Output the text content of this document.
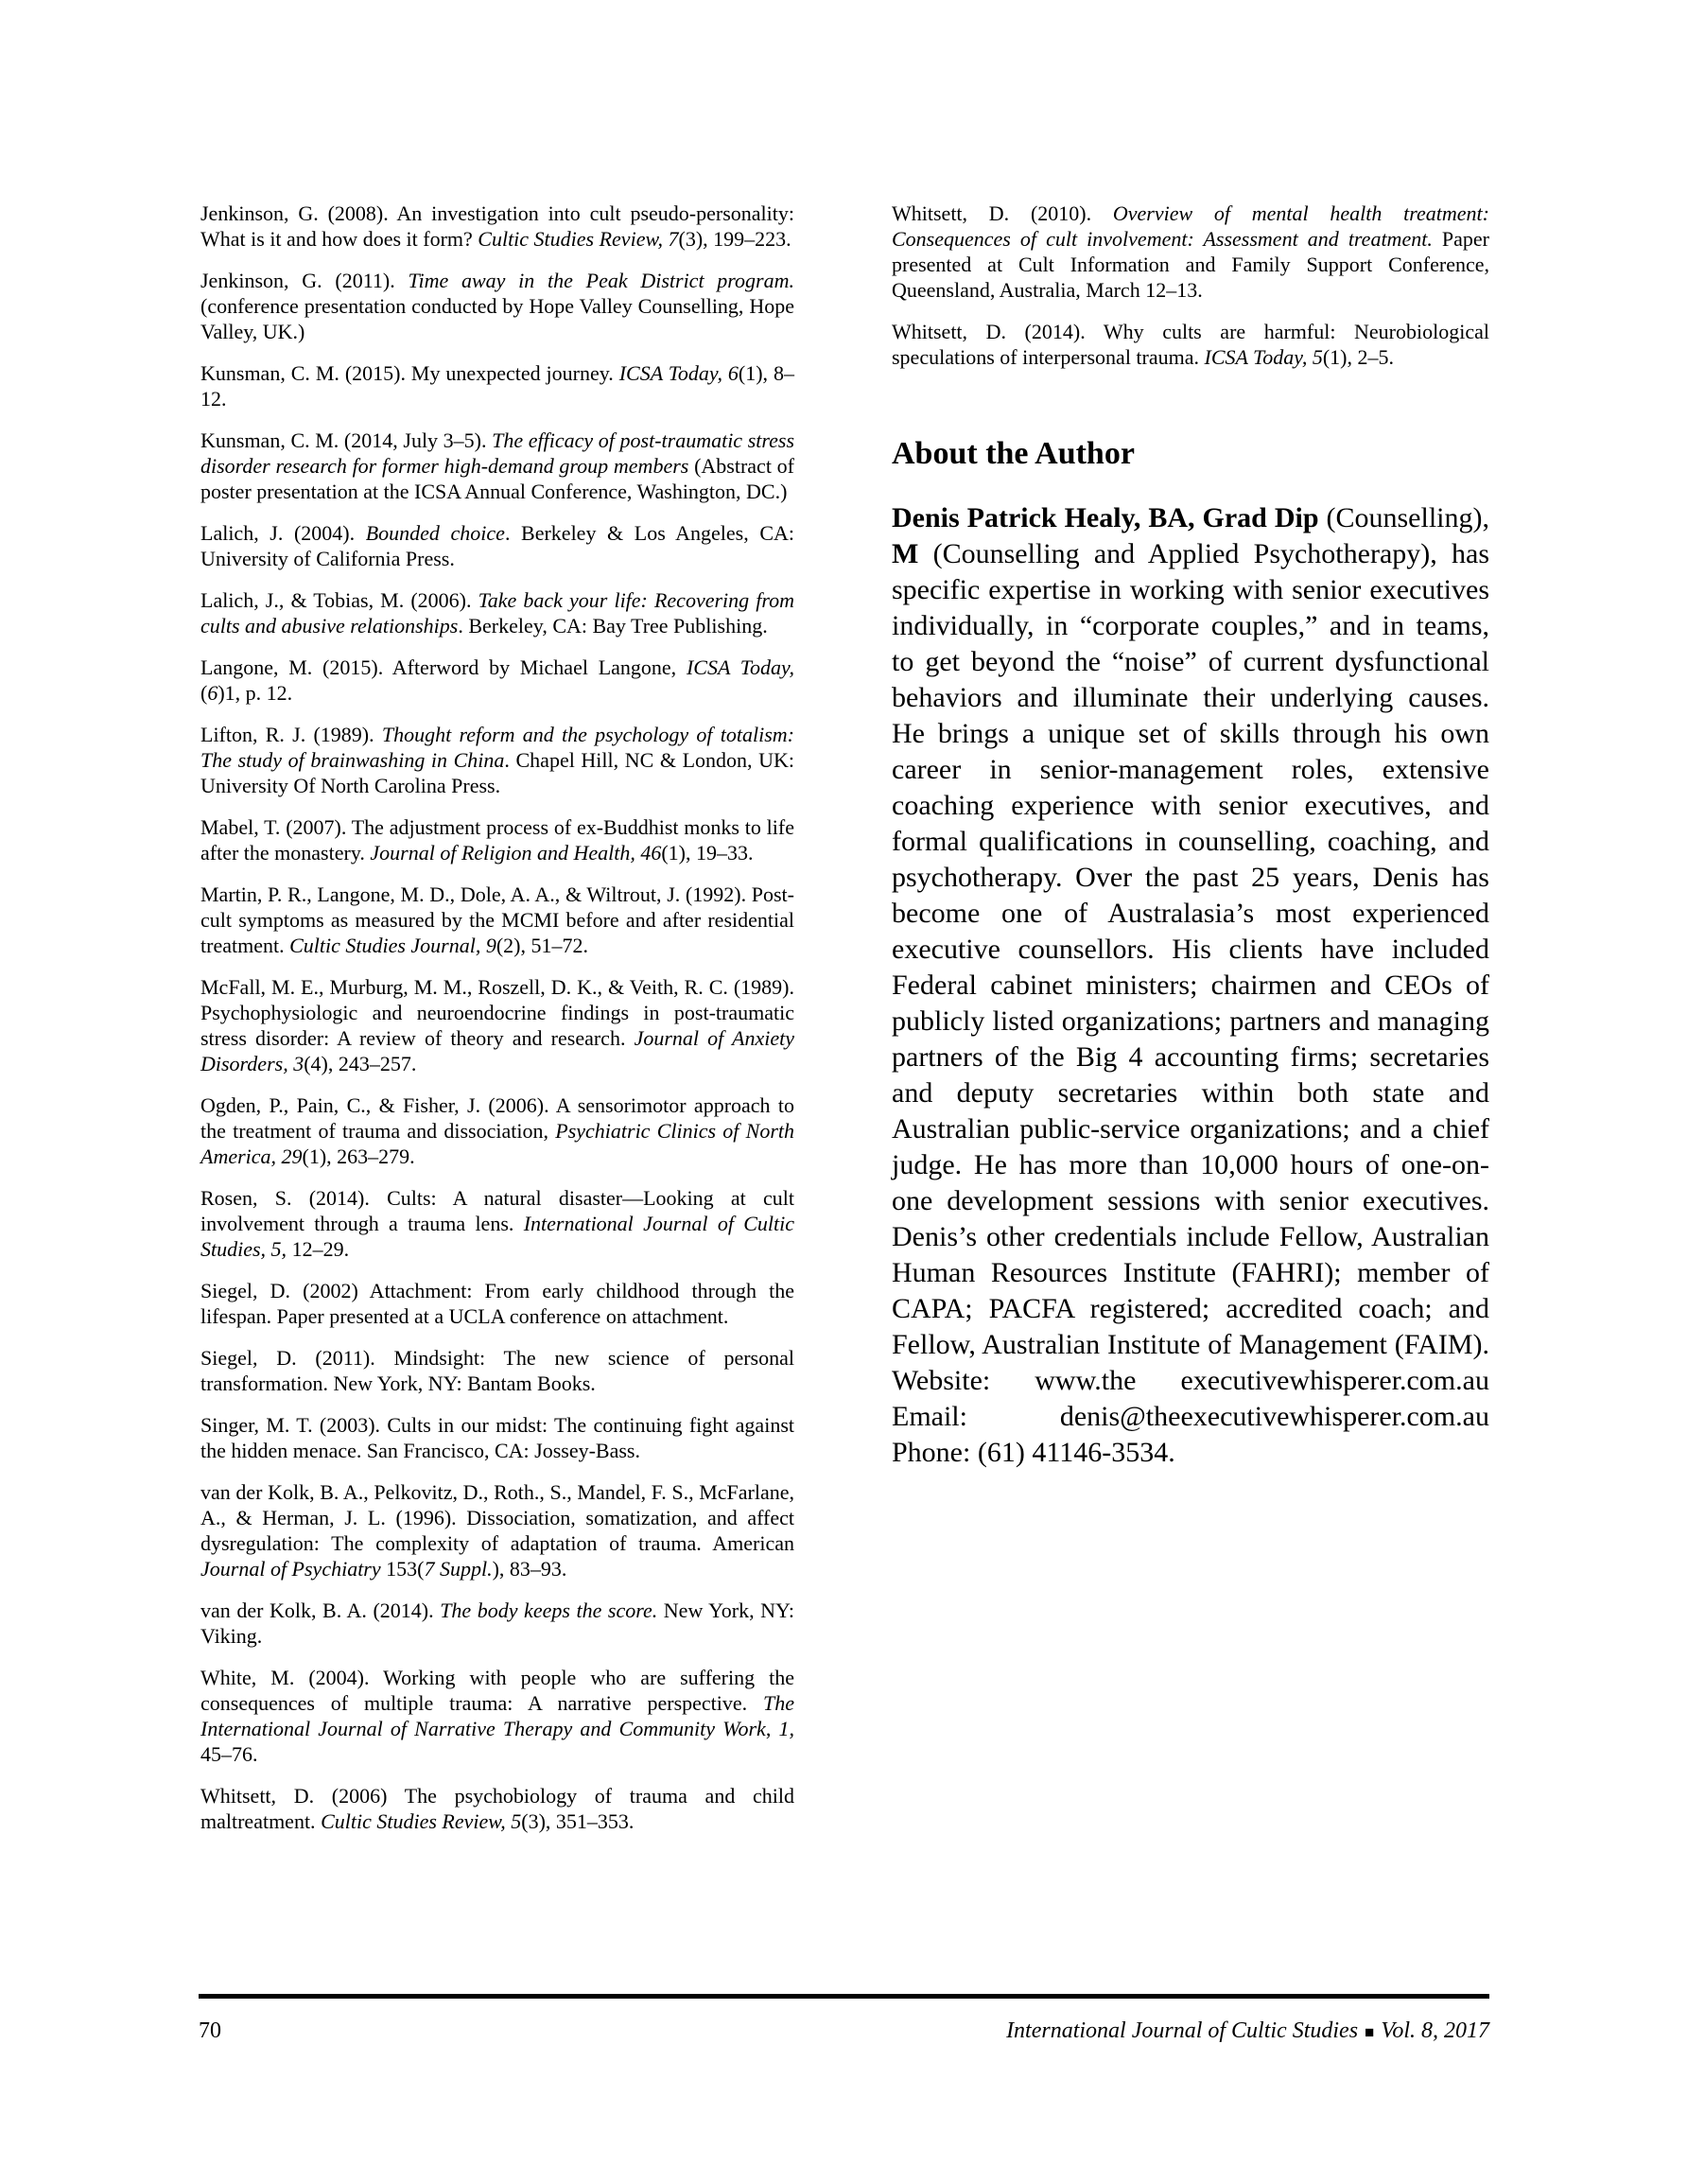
Jenkinson, G. (2008). An investigation into cult pseudo-personality: What is it and how does it form? Cultic Studies Review, 7(3), 199–223.

Jenkinson, G. (2011). Time away in the Peak District program. (conference presentation conducted by Hope Valley Counselling, Hope Valley, UK.)

Kunsman, C. M. (2015). My unexpected journey. ICSA Today, 6(1), 8–12.

Kunsman, C. M. (2014, July 3–5). The efficacy of post-traumatic stress disorder research for former high-demand group members (Abstract of poster presentation at the ICSA Annual Conference, Washington, DC.)

Lalich, J. (2004). Bounded choice. Berkeley & Los Angeles, CA: University of California Press.

Lalich, J., & Tobias, M. (2006). Take back your life: Recovering from cults and abusive relationships. Berkeley, CA: Bay Tree Publishing.

Langone, M. (2015). Afterword by Michael Langone, ICSA Today, (6)1, p. 12.

Lifton, R. J. (1989). Thought reform and the psychology of totalism: The study of brainwashing in China. Chapel Hill, NC & London, UK: University Of North Carolina Press.

Mabel, T. (2007). The adjustment process of ex-Buddhist monks to life after the monastery. Journal of Religion and Health, 46(1), 19–33.

Martin, P. R., Langone, M. D., Dole, A. A., & Wiltrout, J. (1992). Post-cult symptoms as measured by the MCMI before and after residential treatment. Cultic Studies Journal, 9(2), 51–72.

McFall, M. E., Murburg, M. M., Roszell, D. K., & Veith, R. C. (1989). Psychophysiologic and neuroendocrine findings in post-traumatic stress disorder: A review of theory and research. Journal of Anxiety Disorders, 3(4), 243–257.

Ogden, P., Pain, C., & Fisher, J. (2006). A sensorimotor approach to the treatment of trauma and dissociation, Psychiatric Clinics of North America, 29(1), 263–279.

Rosen, S. (2014). Cults: A natural disaster—Looking at cult involvement through a trauma lens. International Journal of Cultic Studies, 5, 12–29.

Siegel, D. (2002) Attachment: From early childhood through the lifespan. Paper presented at a UCLA conference on attachment.

Siegel, D. (2011). Mindsight: The new science of personal transformation. New York, NY: Bantam Books.

Singer, M. T. (2003). Cults in our midst: The continuing fight against the hidden menace. San Francisco, CA: Jossey-Bass.

van der Kolk, B. A., Pelkovitz, D., Roth., S., Mandel, F. S., McFarlane, A., & Herman, J. L. (1996). Dissociation, somatization, and affect dysregulation: The complexity of adaptation of trauma. American Journal of Psychiatry 153(7 Suppl.), 83–93.

van der Kolk, B. A. (2014). The body keeps the score. New York, NY: Viking.

White, M. (2004). Working with people who are suffering the consequences of multiple trauma: A narrative perspective. The International Journal of Narrative Therapy and Community Work, 1, 45–76.

Whitsett, D. (2006) The psychobiology of trauma and child maltreatment. Cultic Studies Review, 5(3), 351–353.

Whitsett, D. (2010). Overview of mental health treatment: Consequences of cult involvement: Assessment and treatment. Paper presented at Cult Information and Family Support Conference, Queensland, Australia, March 12–13.

Whitsett, D. (2014). Why cults are harmful: Neurobiological speculations of interpersonal trauma. ICSA Today, 5(1), 2–5.

About the Author

Denis Patrick Healy, BA, Grad Dip (Counselling), M (Counselling and Applied Psychotherapy), has specific expertise in working with senior executives individually, in “corporate couples,” and in teams, to get beyond the “noise” of current dysfunctional behaviors and illuminate their underlying causes. He brings a unique set of skills through his own career in senior-management roles, extensive coaching experience with senior executives, and formal qualifications in counselling, coaching, and psychotherapy. Over the past 25 years, Denis has become one of Australasia’s most experienced executive counsellors. His clients have included Federal cabinet ministers; chairmen and CEOs of publicly listed organizations; partners and managing partners of the Big 4 accounting firms; secretaries and deputy secretaries within both state and Australian public-service organizations; and a chief judge. He has more than 10,000 hours of one-on-one development sessions with senior executives. Denis’s other credentials include Fellow, Australian Human Resources Institute (FAHRI); member of CAPA; PACFA registered; accredited coach; and Fellow, Australian Institute of Management (FAIM).

Website: www.the executivewhisperer.com.au
Email: denis@theexecutivewhisperer.com.au
Phone: (61) 41146-3534.
70	International Journal of Cultic Studies ■ Vol. 8, 2017
